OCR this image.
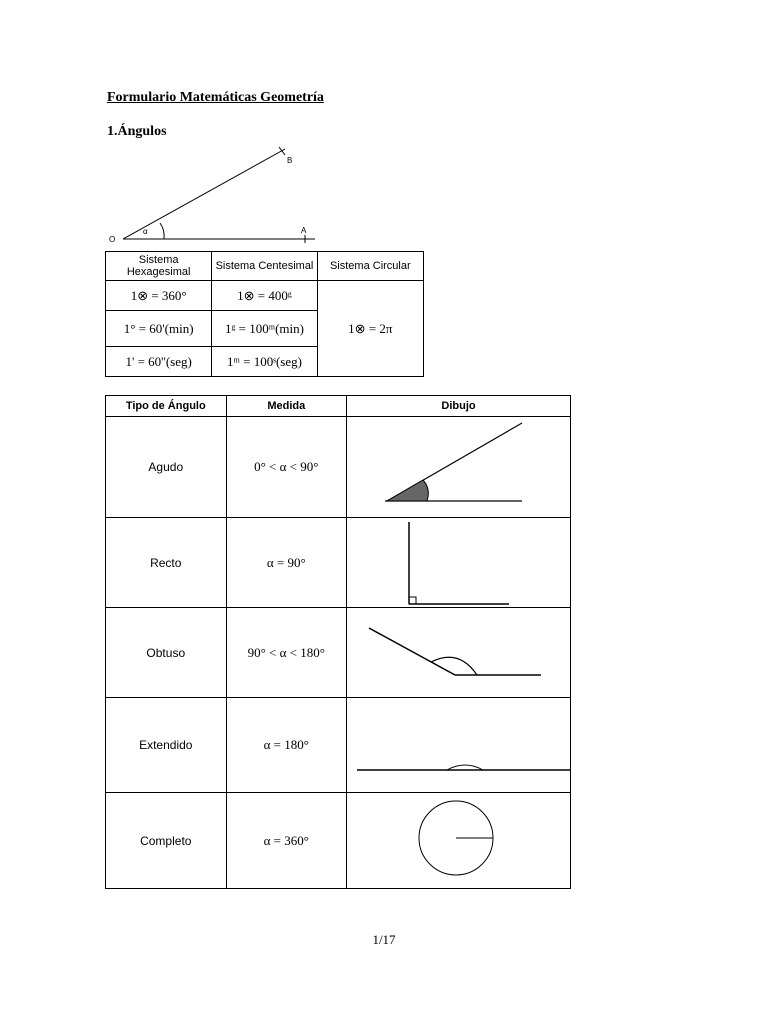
Formulario Matemáticas Geometría
1.Ángulos
O
A
B
α
Sistema Hexagesimal	Sistema Centesimal	Sistema Circular
1⊗ = 360°	1⊗ = 400ᵍ	1⊗ = 2π
1° = 60'(min)	1ᵍ = 100ᵐ(min)	
1' = 60''(seg)	1ᵐ = 100ˢ(seg)	
Tipo de Ángulo	Medida	Dibujo
Agudo	0° < α < 90°	

Recto	α = 90°	

Obtuso	90° < α < 180°	

Extendido	α = 180°	

Completo	α = 360°	
1/17
